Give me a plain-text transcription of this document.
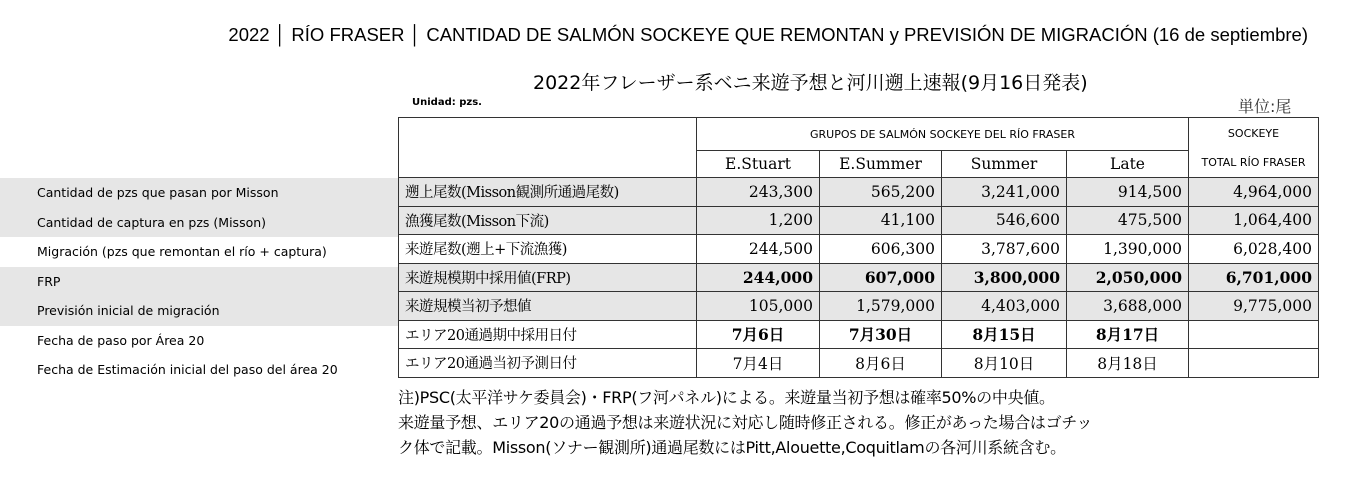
2022 │ RÍO FRASER │ CANTIDAD DE SALMÓN SOCKEYE QUE REMONTAN y PREVISIÓN DE MIGRACIÓN (16 de septiembre)
2022年フレーザー系ベニ来遊予想と河川遡上速報(9月16日発表)
Unidad: pzs.	単位:尾
Cantidad de pzs que pasan por Misson
Cantidad de captura en pzs (Misson)
Migración (pzs que remontan el río + captura)
FRP
Previsión inicial de migración
Fecha de paso por Área 20
Fecha de Estimación inicial del paso del área 20
	GRUPOS DE SALMÓN SOCKEYE DEL RÍO FRASER				SOCKEYE
TOTAL RÍO FRASER

	E.Stuart	E.Summer	Summer	Late	
遡上尾数(Misson観測所通過尾数)	243,300	565,200	3,241,000	914,500	4,964,000
漁獲尾数(Misson下流)	1,200	41,100	546,600	475,500	1,064,400
来遊尾数(遡上+下流漁獲)	244,500	606,300	3,787,600	1,390,000	6,028,400
来遊規模期中採用値(FRP)	244,000	607,000	3,800,000	2,050,000	6,701,000
来遊規模当初予想値	105,000	1,579,000	4,403,000	3,688,000	9,775,000
エリア20通過期中採用日付	7月6日	7月30日	8月15日	8月17日	
エリア20通過当初予測日付	7月4日	8月6日	8月10日	8月18日	
注)PSC(太平洋サケ委員会)・FRP(フ河パネル)による。来遊量当初予想は確率50%の中央値。
来遊量予想、エリア20の通過予想は来遊状況に対応し随時修正される。修正があった場合はゴチッ
ク体で記載。Misson(ソナー観測所)通過尾数にはPitt,Alouette,Coquitlamの各河川系統含む。
